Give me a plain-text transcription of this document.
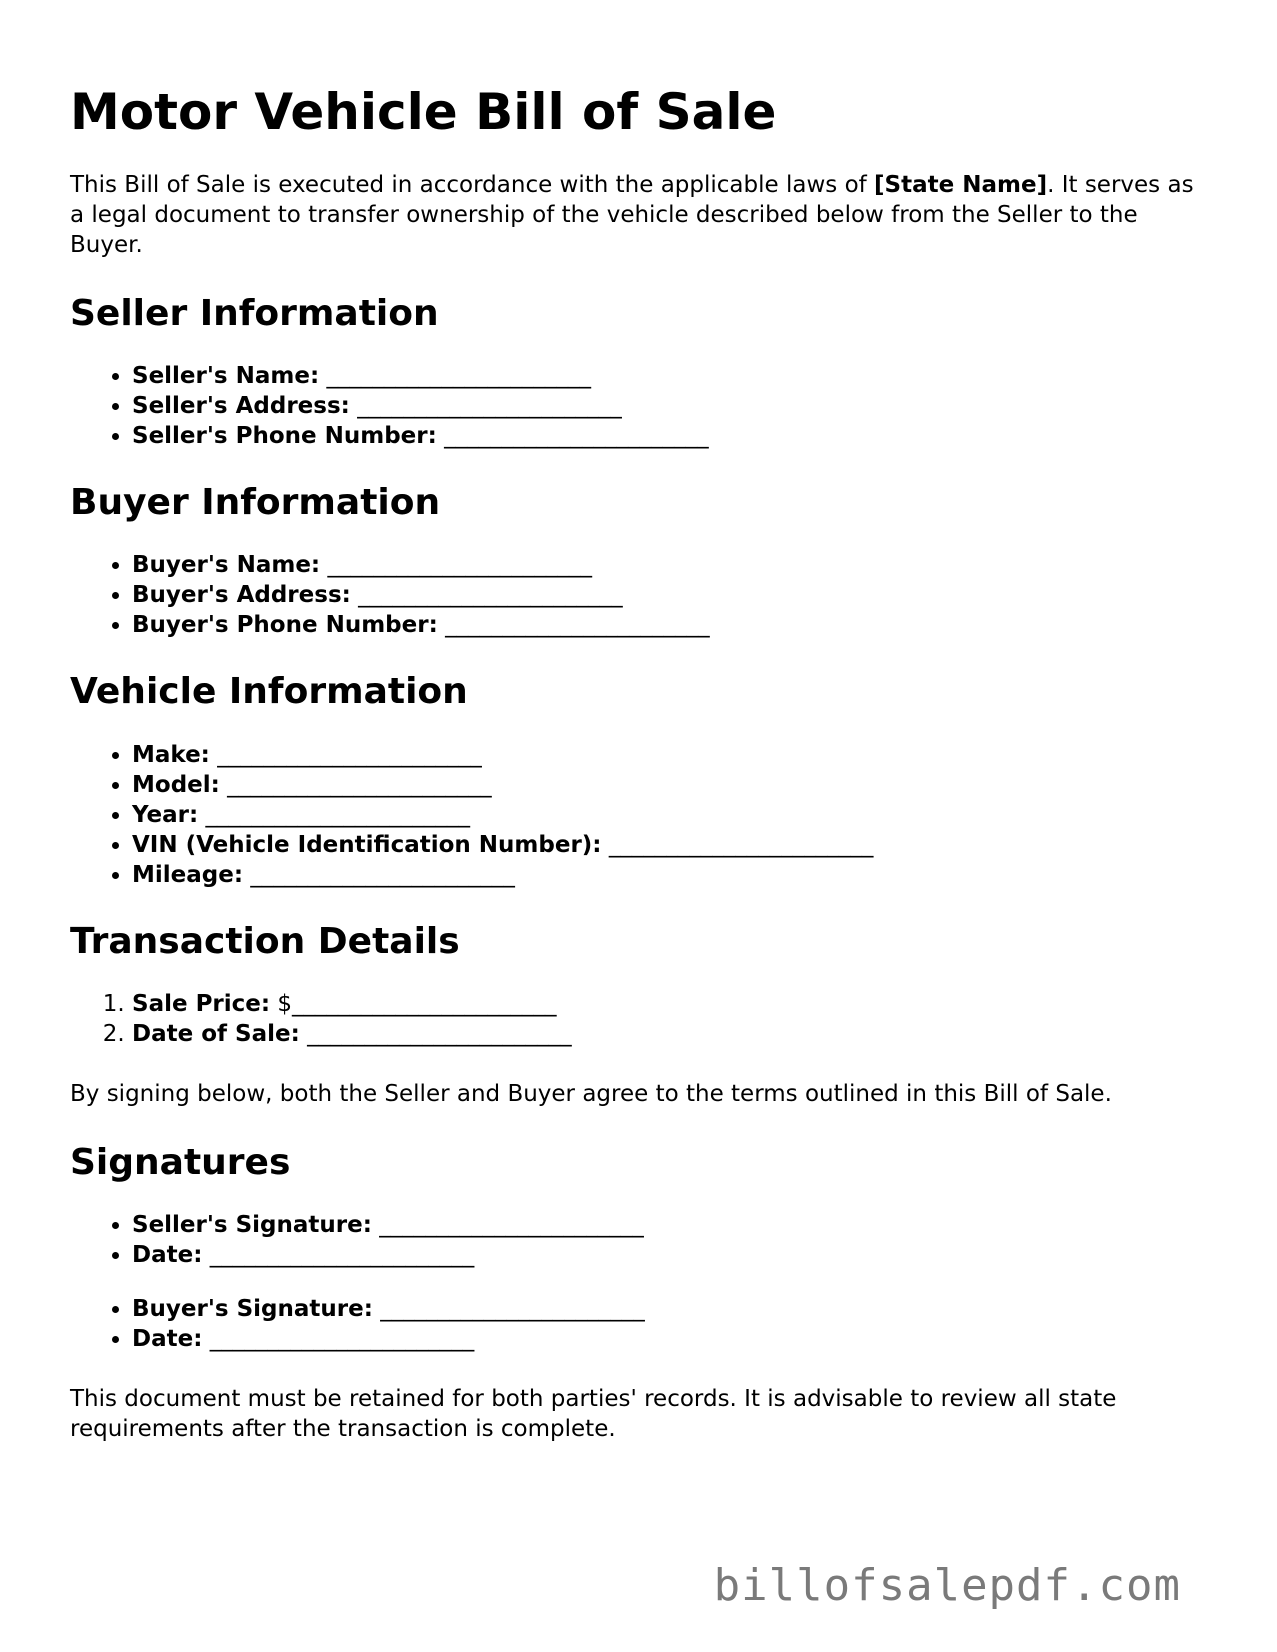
Motor Vehicle Bill of Sale

This Bill of Sale is executed in accordance with the applicable laws of [State Name]. It serves as a legal document to transfer ownership of the vehicle described below from the Seller to the Buyer.

Seller Information
• Seller's Name: _______________________
• Seller's Address: _______________________
• Seller's Phone Number: _______________________
Buyer Information
• Buyer's Name: _______________________
• Buyer's Address: _______________________
• Buyer's Phone Number: _______________________
Vehicle Information
• Make: _______________________
• Model: _______________________
• Year: _______________________
• VIN (Vehicle Identification Number): _______________________
• Mileage: _______________________
Transaction Details
1. Sale Price: $_______________________
2. Date of Sale: _______________________

By signing below, both the Seller and Buyer agree to the terms outlined in this Bill of Sale.

Signatures
• Seller's Signature: _______________________
• Date: _______________________
• Buyer's Signature: _______________________
• Date: _______________________

This document must be retained for both parties' records. It is advisable to review all state requirements after the transaction is complete.

billofsalepdf.com
